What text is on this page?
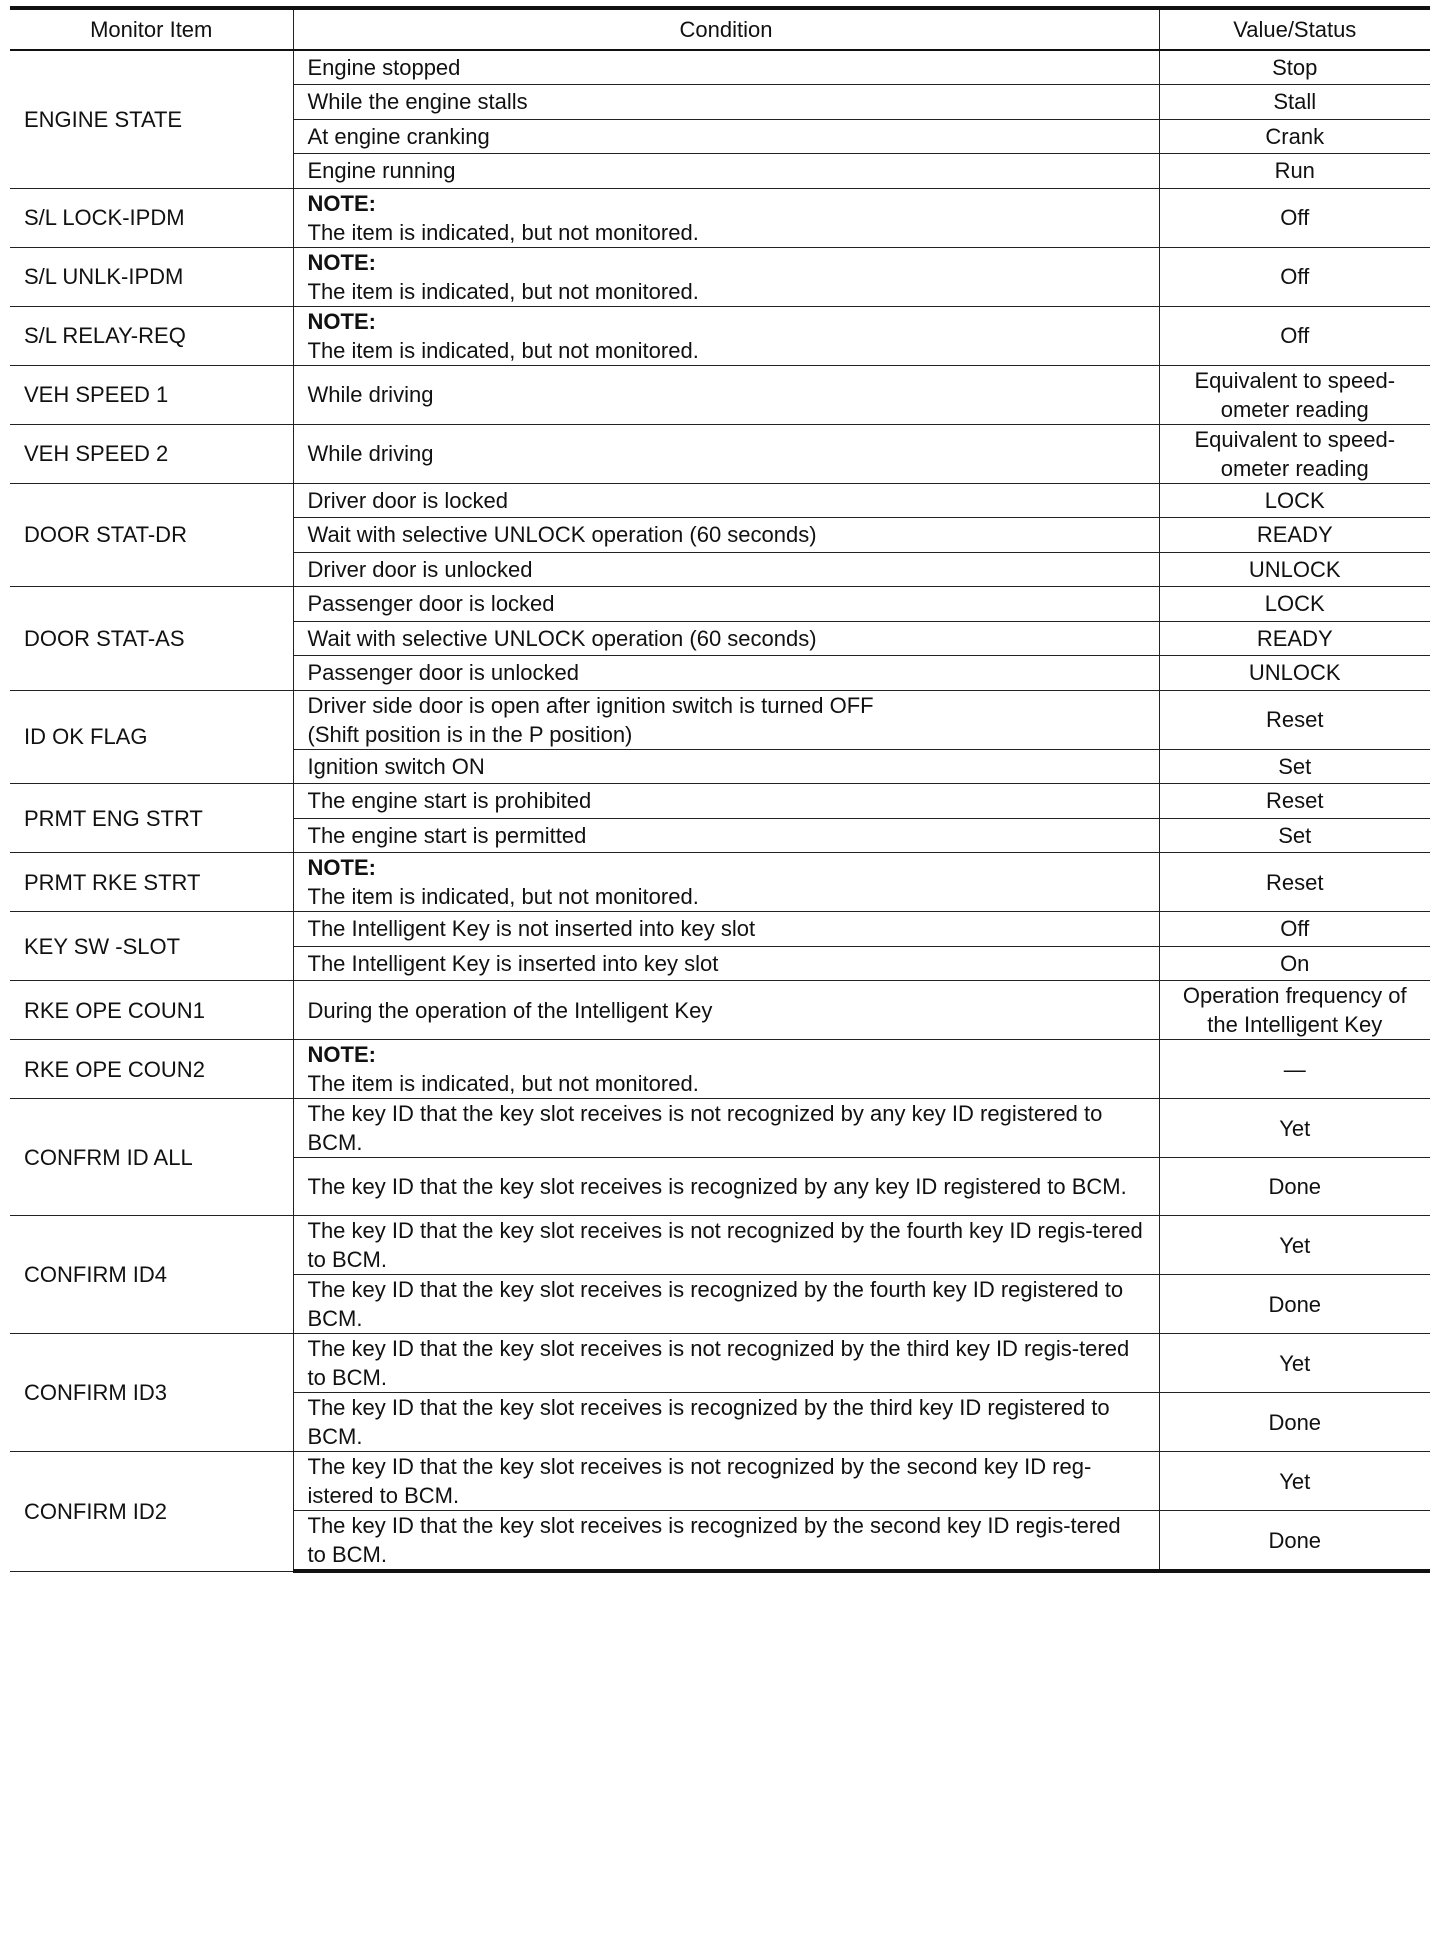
Monitor Item	Condition	Value/Status
ENGINE STATE	Engine stopped	Stop
	While the engine stalls	Stall
	At engine cranking	Crank
	Engine running	Run
S/L LOCK-IPDM	NOTE:
The item is indicated, but not monitored.	Off
S/L UNLK-IPDM	NOTE:
The item is indicated, but not monitored.	Off
S/L RELAY-REQ	NOTE:
The item is indicated, but not monitored.	Off
VEH SPEED 1	While driving	Equivalent to speed-ometer reading
VEH SPEED 2	While driving	Equivalent to speed-ometer reading
DOOR STAT-DR	Driver door is locked	LOCK
	Wait with selective UNLOCK operation (60 seconds)	READY
	Driver door is unlocked	UNLOCK
DOOR STAT-AS	Passenger door is locked	LOCK
	Wait with selective UNLOCK operation (60 seconds)	READY
	Passenger door is unlocked	UNLOCK
ID OK FLAG	Driver side door is open after ignition switch is turned OFF
(Shift position is in the P position)	Reset
	Ignition switch ON	Set
PRMT ENG STRT	The engine start is prohibited	Reset
	The engine start is permitted	Set
PRMT RKE STRT	NOTE:
The item is indicated, but not monitored.	Reset
KEY SW -SLOT	The Intelligent Key is not inserted into key slot	Off
	The Intelligent Key is inserted into key slot	On
RKE OPE COUN1	During the operation of the Intelligent Key	Operation frequency of the Intelligent Key
RKE OPE COUN2	NOTE:
The item is indicated, but not monitored.	—
CONFRM ID ALL	The key ID that the key slot receives is not recognized by any key ID registered to BCM.	Yet
	The key ID that the key slot receives is recognized by any key ID registered to BCM.	Done
CONFIRM ID4	The key ID that the key slot receives is not recognized by the fourth key ID regis-tered to BCM.	Yet
	The key ID that the key slot receives is recognized by the fourth key ID registered to BCM.	Done
CONFIRM ID3	The key ID that the key slot receives is not recognized by the third key ID regis-tered to BCM.	Yet
	The key ID that the key slot receives is recognized by the third key ID registered to BCM.	Done
CONFIRM ID2	The key ID that the key slot receives is not recognized by the second key ID reg-istered to BCM.	Yet
	The key ID that the key slot receives is recognized by the second key ID regis-tered to BCM.	Done
